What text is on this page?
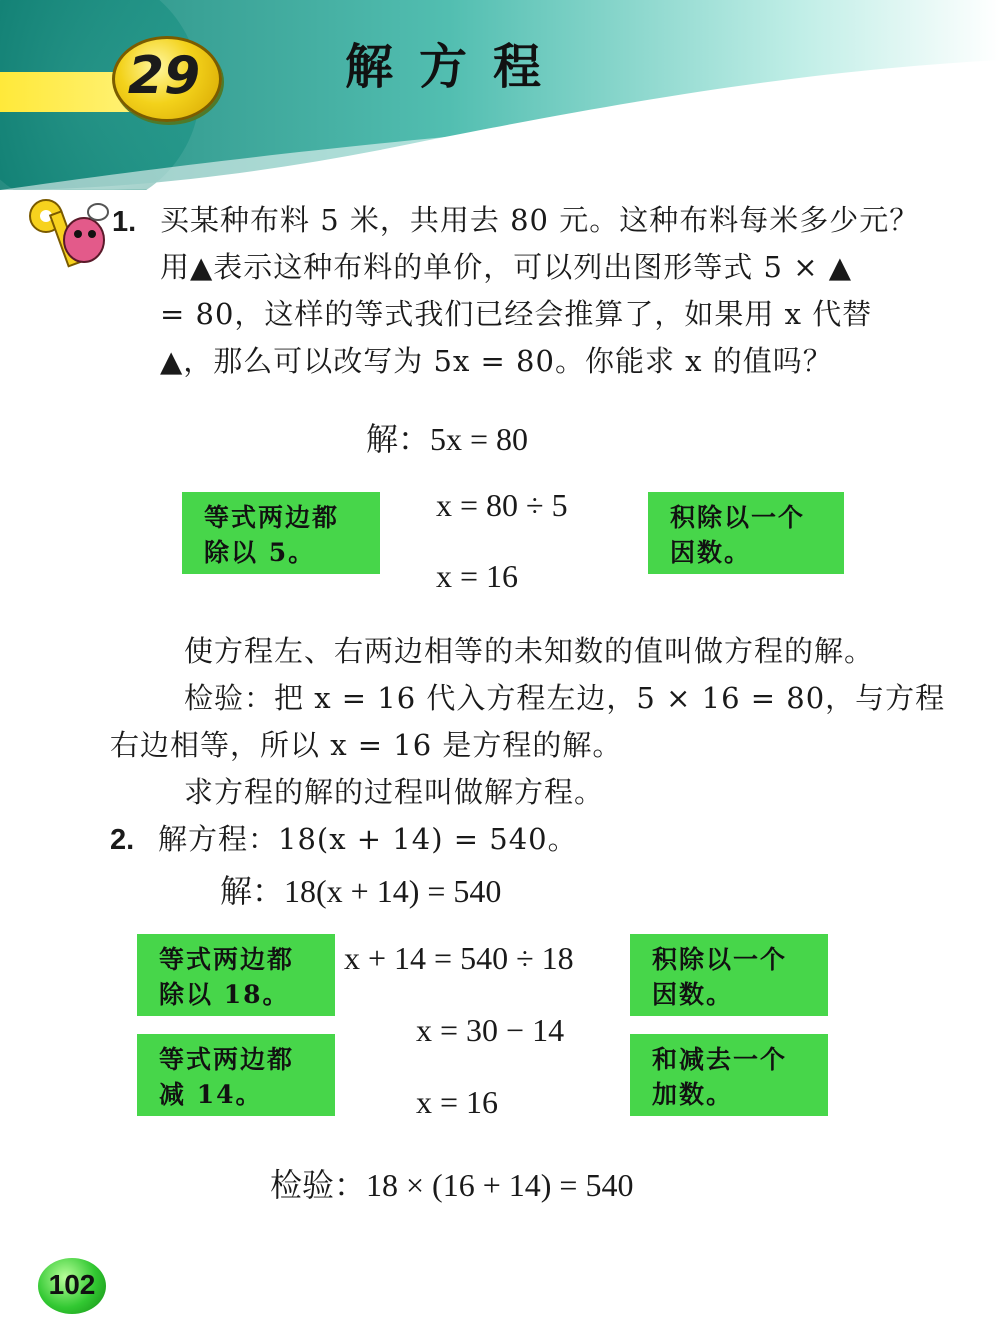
29	解方程
1. 买某种布料 5 米，共用去 80 元。这种布料每米多少元？
用▲表示这种布料的单价，可以列出图形等式 5 × ▲
= 80，这样的等式我们已经会推算了，如果用 x 代替
▲，那么可以改写为 5x = 80。你能求 x 的值吗？
解：5x = 80
x = 80 ÷ 5
x = 16
等式两边都
除以 5。
积除以一个
因数。
使方程左、右两边相等的未知数的值叫做方程的解。
检验：把 x = 16 代入方程左边，5 × 16 = 80，与方程
右边相等，所以 x = 16 是方程的解。
求方程的解的过程叫做解方程。
2. 解方程：18(x + 14) = 540。
解：18(x + 14) = 540
x + 14 = 540 ÷ 18
x = 30 − 14
x = 16
等式两边都
除以 18。
等式两边都
减 14。
积除以一个
因数。
和减去一个
加数。
检验：18 × (16 + 14) = 540
102
